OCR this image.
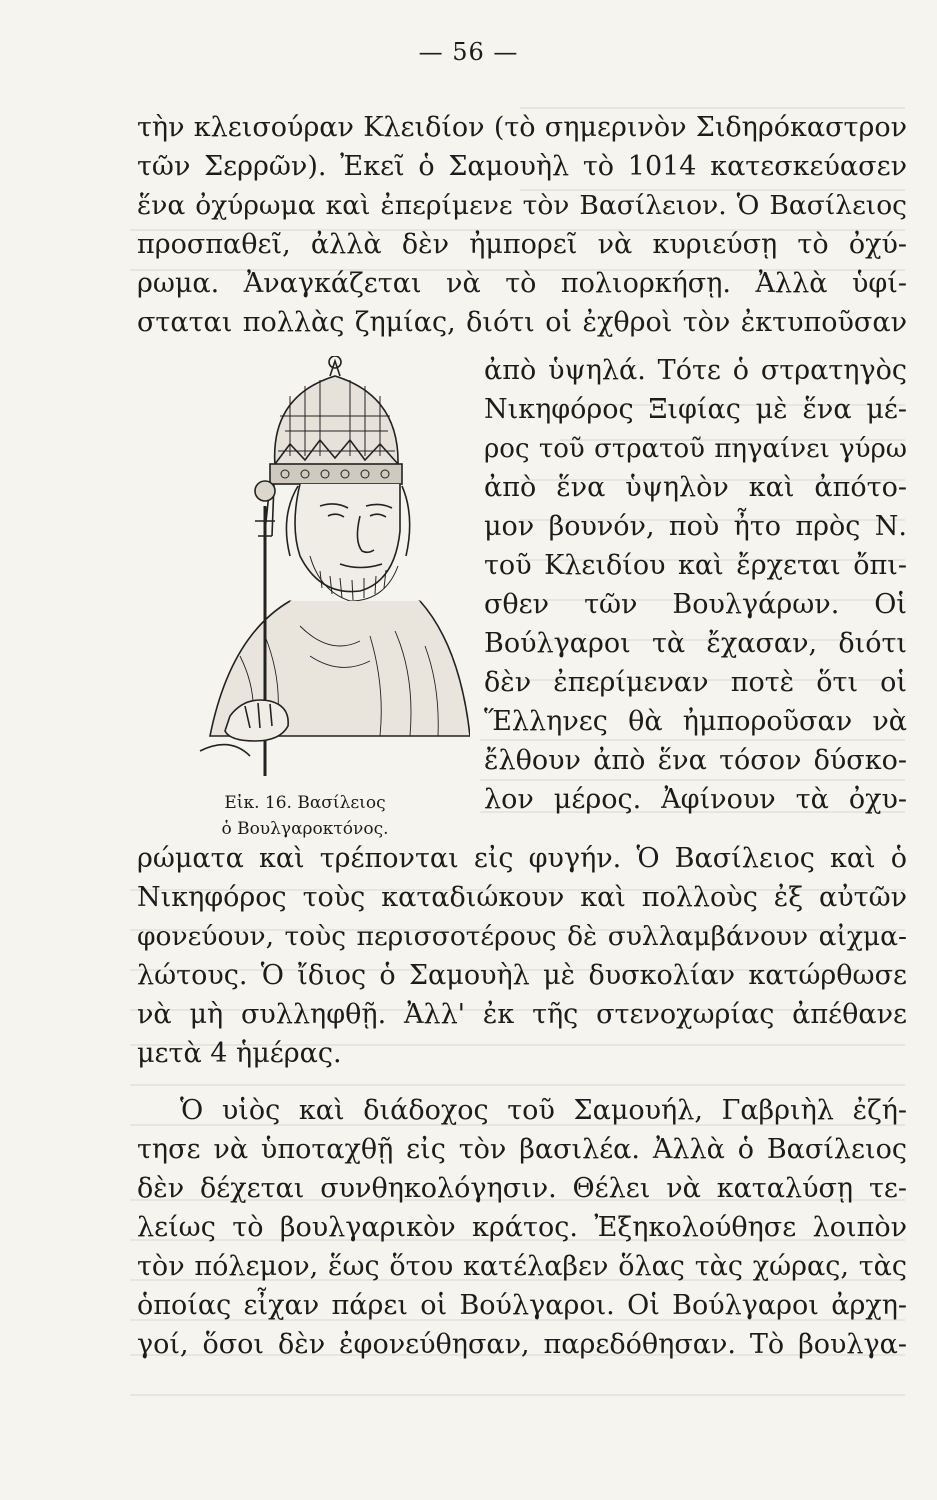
— 56 —
τὴν κλεισούραν Κλειδίον (τὸ σημερινὸν Σιδηρόκαστρον
τῶν Σερρῶν). Ἐκεῖ ὁ Σαμουὴλ τὸ 1014 κατεσκεύασεν
ἕνα ὀχύρωμα καὶ ἐπερίμενε τὸν Βασίλειον. Ὁ Βασίλειος
προσπαθεῖ, ἀλλὰ δὲν ἠμπορεῖ νὰ κυριεύσῃ τὸ ὀχύ-
ρωμα. Ἀναγκάζεται νὰ τὸ πολιορκήσῃ. Ἀλλὰ ὑφί-
σταται πολλὰς ζημίας, διότι οἱ ἐχθροὶ τὸν ἐκτυποῦσαν
ἀπὸ ὑψηλά. Τότε ὁ στρατηγὸς
Νικηφόρος Ξιφίας μὲ ἕνα μέ-
ρος τοῦ στρατοῦ πηγαίνει γύρω
ἀπὸ ἕνα ὑψηλὸν καὶ ἀπότο-
μον βουνόν, ποὺ ἦτο πρὸς Ν.
τοῦ Κλειδίου καὶ ἔρχεται ὄπι-
σθεν τῶν Βουλγάρων. Οἱ
Βούλγαροι τὰ ἔχασαν, διότι
δὲν ἐπερίμεναν ποτὲ ὅτι οἱ
Ἕλληνες θὰ ἠμποροῦσαν νὰ
ἔλθουν ἀπὸ ἕνα τόσον δύσκο-
λον μέρος. Ἀφίνουν τὰ ὀχυ-
Εἰκ. 16. Βασίλειος
ὁ Βουλγαροκτόνος.
ρώματα καὶ τρέπονται εἰς φυγήν. Ὁ Βασίλειος καὶ ὁ
Νικηφόρος τοὺς καταδιώκουν καὶ πολλοὺς ἐξ αὐτῶν
φονεύουν, τοὺς περισσοτέρους δὲ συλλαμβάνουν αἰχμα-
λώτους. Ὁ ἴδιος ὁ Σαμουὴλ μὲ δυσκολίαν κατώρθωσε
νὰ μὴ συλληφθῇ. Ἀλλ' ἐκ τῆς στενοχωρίας ἀπέθανε
μετὰ 4 ἡμέρας.
Ὁ υἱὸς καὶ διάδοχος τοῦ Σαμουήλ, Γαβριὴλ ἐζή-
τησε νὰ ὑποταχθῇ εἰς τὸν βασιλέα. Ἀλλὰ ὁ Βασίλειος
δὲν δέχεται συνθηκολόγησιν. Θέλει νὰ καταλύσῃ τε-
λείως τὸ βουλγαρικὸν κράτος. Ἐξηκολούθησε λοιπὸν
τὸν πόλεμον, ἕως ὅτου κατέλαβεν ὅλας τὰς χώρας, τὰς
ὁποίας εἶχαν πάρει οἱ Βούλγαροι. Οἱ Βούλγαροι ἀρχη-
γοί, ὅσοι δὲν ἐφονεύθησαν, παρεδόθησαν. Τὸ βουλγα-
